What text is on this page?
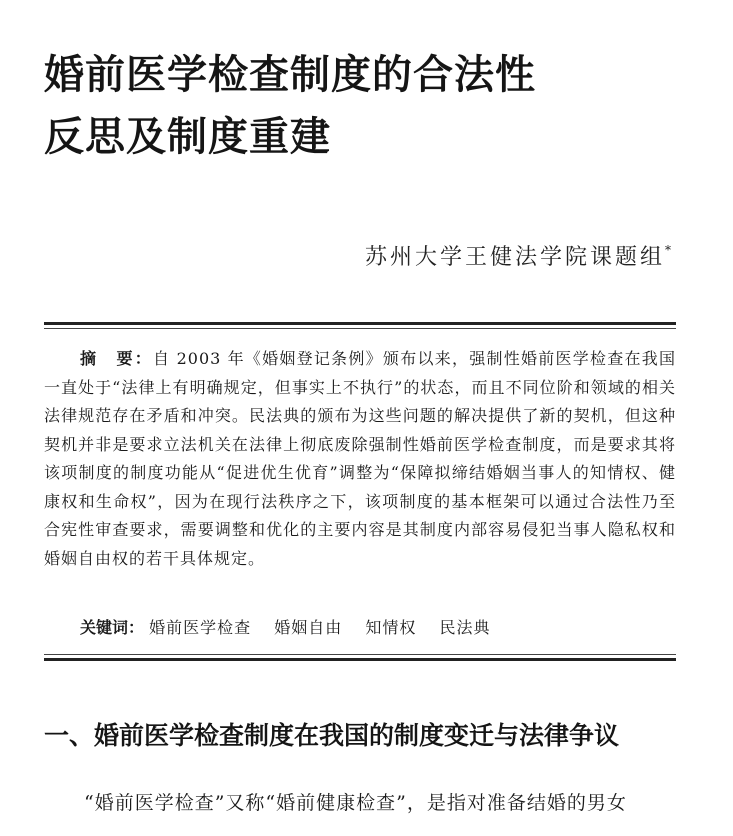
婚前医学检查制度的合法性
反思及制度重建
苏州大学王健法学院课题组*

摘　要：自 2003 年《婚姻登记条例》颁布以来，强制性婚前医学检查在我国一直处于“法律上有明确规定，但事实上不执行”的状态，而且不同位阶和领域的相关法律规范存在矛盾和冲突。民法典的颁布为这些问题的解决提供了新的契机，但这种契机并非是要求立法机关在法律上彻底废除强制性婚前医学检查制度，而是要求其将该项制度的制度功能从“促进优生优育”调整为“保障拟缔结婚姻当事人的知情权、健康权和生命权”，因为在现行法秩序之下，该项制度的基本框架可以通过合法性乃至合宪性审查要求，需要调整和优化的主要内容是其制度内部容易侵犯当事人隐私权和婚姻自由权的若干具体规定。

关键词： 婚前医学检查 婚姻自由 知情权 民法典
一、婚前医学检查制度在我国的制度变迁与法律争议

“婚前医学检查”又称“婚前健康检查”，是指对准备结婚的男女
